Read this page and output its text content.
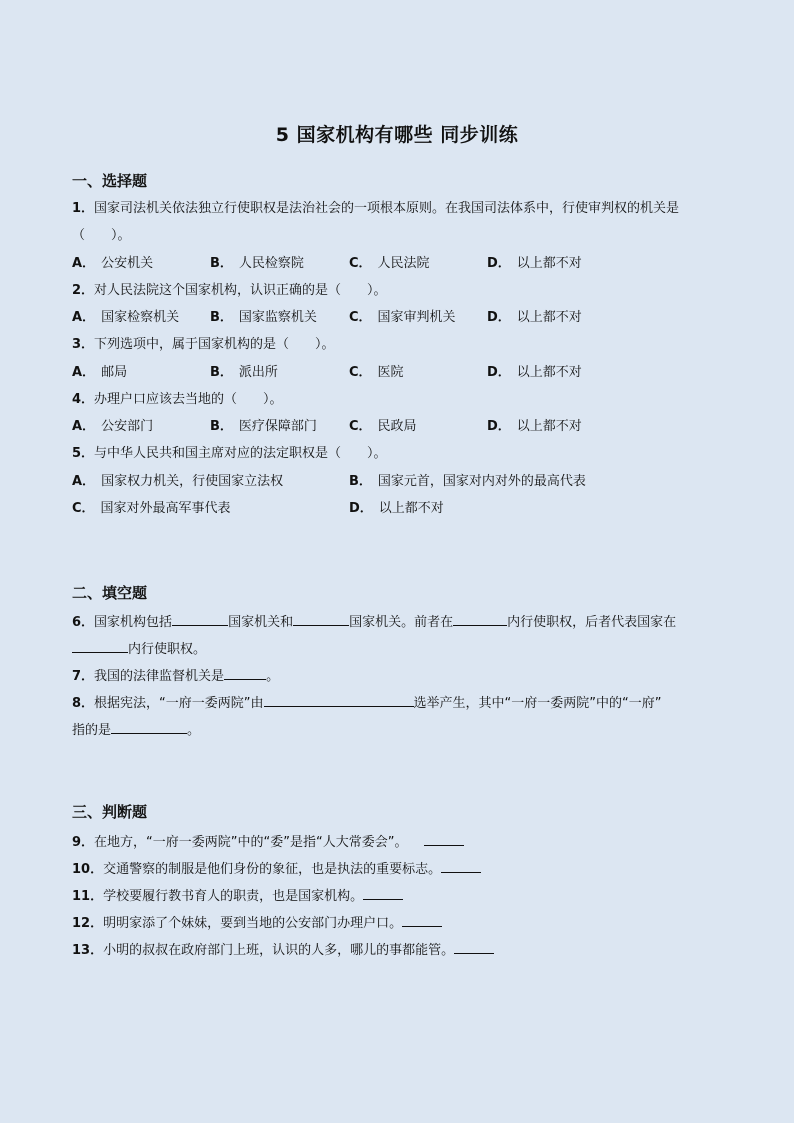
5 国家机构有哪些 同步训练
一、选择题
1．国家司法机关依法独立行使职权是法治社会的一项根本原则。在我国司法体系中，行使审判权的机关是
（　　）。
A． 公安机关	B． 人民检察院	C． 人民法院	D． 以上都不对
2．对人民法院这个国家机构，认识正确的是（　　）。
A． 国家检察机关 B． 国家监察机关 C． 国家审判机关 D． 以上都不对
3．下列选项中，属于国家机构的是（　　）。
A． 邮局	B． 派出所	C． 医院	D． 以上都不对
4．办理户口应该去当地的（　　）。
A． 公安部门	B． 医疗保障部门 C． 民政局	D． 以上都不对
5．与中华人民共和国主席对应的法定职权是（　　）。
A． 国家权力机关，行使国家立法权	B． 国家元首，国家对内对外的最高代表
C． 国家对外最高军事代表	D． 以上都不对
二、填空题
6．国家机构包括	国家机关和	国家机关。前者在	内行使职权，后者代表国家在
内行使职权。
7．我国的法律监督机关是	。
8．根据宪法，“一府一委两院”由	选举产生，其中“一府一委两院”中的“一府”
指的是	。
三、判断题
9．在地方，“一府一委两院”中的“委”是指“人大常委会”。　
10．交通警察的制服是他们身份的象征，也是执法的重要标志。
11．学校要履行教书育人的职责，也是国家机构。
12．明明家添了个妹妹，要到当地的公安部门办理户口。
13．小明的叔叔在政府部门上班，认识的人多，哪儿的事都能管。
